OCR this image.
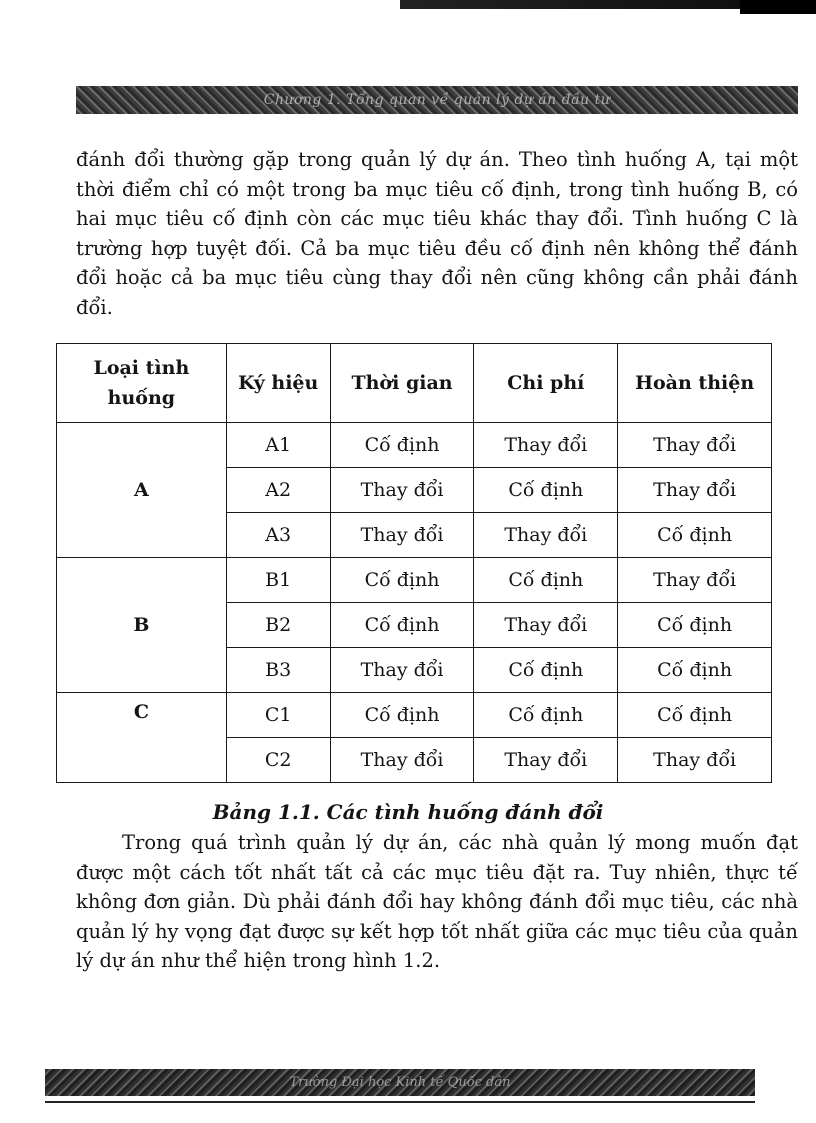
Chương 1. Tổng quan về quản lý dự án đầu tư

đánh đổi thường gặp trong quản lý dự án. Theo tình huống A, tại một thời điểm chỉ có một trong ba mục tiêu cố định, trong tình huống B, có hai mục tiêu cố định còn các mục tiêu khác thay đổi. Tình huống C là trường hợp tuyệt đối. Cả ba mục tiêu đều cố định nên không thể đánh đổi hoặc cả ba mục tiêu cùng thay đổi nên cũng không cần phải đánh đổi.

Loại tình huống	Ký hiệu	Thời gian	Chi phí	Hoàn thiện
A	A1	Cố định	Thay đổi	Thay đổi
	A2	Thay đổi	Cố định	Thay đổi
	A3	Thay đổi	Thay đổi	Cố định
B	B1	Cố định	Cố định	Thay đổi
	B2	Cố định	Thay đổi	Cố định
	B3	Thay đổi	Cố định	Cố định
C	C1	Cố định	Cố định	Cố định
	C2	Thay đổi	Thay đổi	Thay đổi
Bảng 1.1. Các tình huống đánh đổi

Trong quá trình quản lý dự án, các nhà quản lý mong muốn đạt được một cách tốt nhất tất cả các mục tiêu đặt ra. Tuy nhiên, thực tế không đơn giản. Dù phải đánh đổi hay không đánh đổi mục tiêu, các nhà quản lý hy vọng đạt được sự kết hợp tốt nhất giữa các mục tiêu của quản lý dự án như thể hiện trong hình 1.2.

Trường Đại học Kinh tế Quốc dân
